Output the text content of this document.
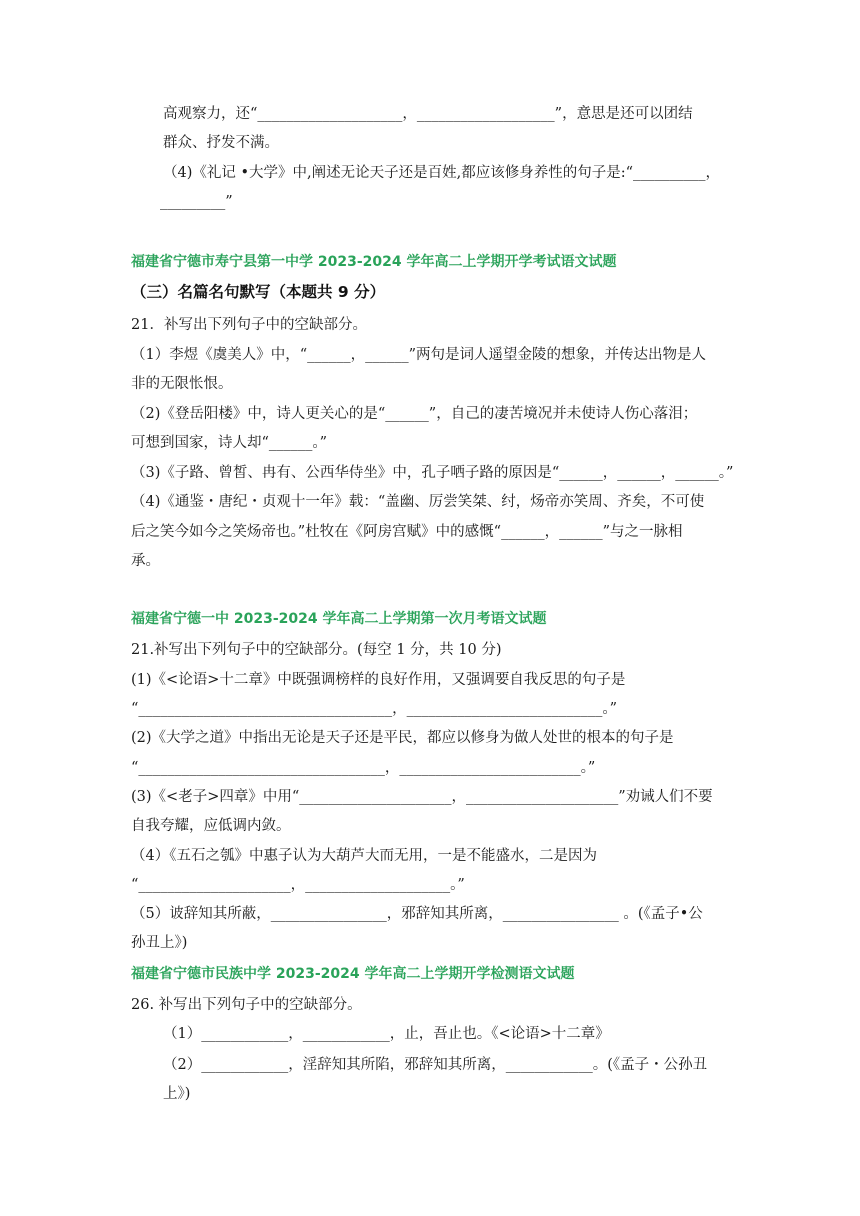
高观察力，还“____________________，___________________”，意思是还可以团结
群众、抒发不满。
（4)《礼记 •大学》中,阐述无论天子还是百姓,都应该修身养性的句子是:“__________，
_________”
福建省宁德市寿宁县第一中学 2023-2024 学年高二上学期开学考试语文试题
（三）名篇名句默写（本题共 9 分）
21．补写出下列句子中的空缺部分。
（1）李煜《虞美人》中，“______，______”两句是词人遥望金陵的想象，并传达出物是人
非的无限怅恨。
（2)《登岳阳楼》中，诗人更关心的是“______”，自己的凄苦境况并未使诗人伤心落泪；
可想到国家，诗人却“______。”
（3)《子路、曾皙、冉有、公西华侍坐》中，孔子哂子路的原因是“______，______，______。”
（4)《通鉴・唐纪・贞观十一年》载：“盖幽、厉尝笑桀、纣，炀帝亦笑周、齐矣，不可使
后之笑今如今之笑炀帝也。”杜牧在《阿房宫赋》中的感慨“______，______”与之一脉相
承。
福建省宁德一中 2023-2024 学年高二上学期第一次月考语文试题
21.补写出下列句子中的空缺部分。(每空 1 分，共 10 分)
(1)《<论语>十二章》中既强调榜样的良好作用，又强调要自我反思的句子是
“___________________________________，___________________________。”
(2)《大学之道》中指出无论是天子还是平民，都应以修身为做人处世的根本的句子是
“__________________________________，_________________________。”
(3)《<老子>四章》中用“_____________________，_____________________”劝诫人们不要
自我夸耀，应低调内敛。
（4）《五石之瓠》中惠子认为大葫芦大而无用，一是不能盛水，二是因为
“_____________________，____________________。”
（5）诐辞知其所蔽，________________，邪辞知其所离，________________ 。(《孟子•公
孙丑上》)
福建省宁德市民族中学 2023-2024 学年高二上学期开学检测语文试题
26. 补写出下列句子中的空缺部分。
（1）____________，____________，止，吾止也。《<论语>十二章》
（2）____________，淫辞知其所陷，邪辞知其所离，____________。(《孟子・公孙丑
上》)
